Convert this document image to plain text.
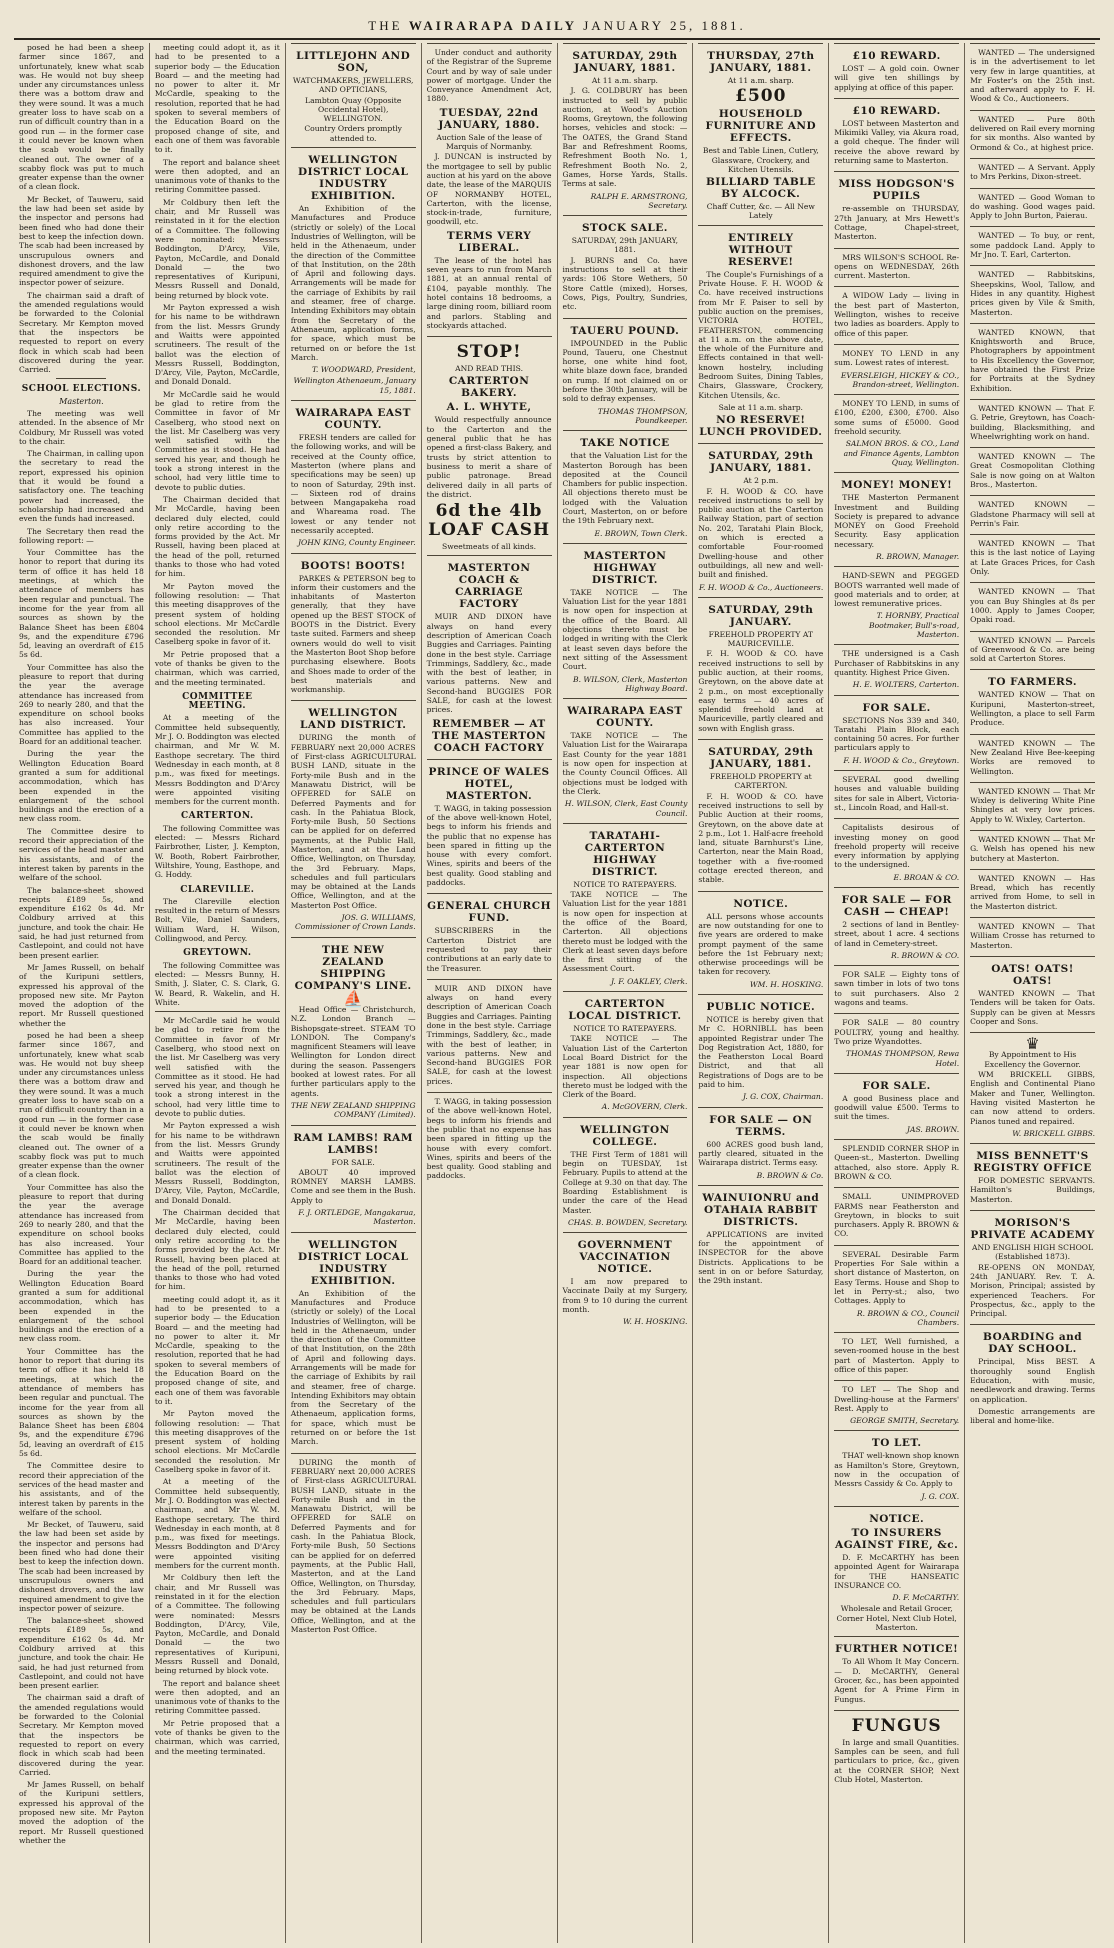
THE WAIRARAPA DAILY JANUARY 25, 1881.

posed he had been a sheep farmer since 1867, and unfortunately, knew what scab was. He would not buy sheep under any circumstances unless there was a bottom draw and they were sound. It was a much greater loss to have scab on a run of difficult country than in a good run — in the former case it could never be known when the scab would be finally cleaned out. The owner of a scabby flock was put to much greater expense than the owner of a clean flock.

Mr Becket, of Tauweru, said the law had been set aside by the inspector and persons had been fined who had done their best to keep the infection down. The scab had been increased by unscrupulous owners and dishonest drovers, and the law required amendment to give the inspector power of seizure.

The chairman said a draft of the amended regulations would be forwarded to the Colonial Secretary. Mr Kempton moved that the inspectors be requested to report on every flock in which scab had been discovered during the year. Carried.

SCHOOL ELECTIONS.
Masterton.

The meeting was well attended. In the absence of Mr Coldbury, Mr Russell was voted to the chair.

The Chairman, in calling upon the secretary to read the report, expressed his opinion that it would be found a satisfactory one. The teaching power had increased, the scholarship had increased and even the funds had increased.

The Secretary then read the following report: —

Your Committee has the honor to report that during its term of office it has held 18 meetings, at which the attendance of members has been regular and punctual. The income for the year from all sources as shown by the Balance Sheet has been £804 9s, and the expenditure £796 5d, leaving an overdraft of £15 5s 6d.

Your Committee has also the pleasure to report that during the year the average attendance has increased from 269 to nearly 280, and that the expenditure on school books has also increased. Your Committee has applied to the Board for an additional teacher.

During the year the Wellington Education Board granted a sum for additional accommodation, which has been expended in the enlargement of the school buildings and the erection of a new class room.

The Committee desire to record their appreciation of the services of the head master and his assistants, and of the interest taken by parents in the welfare of the school.

The balance-sheet showed receipts £189 5s, and expenditure £162 0s 4d. Mr Coldbury arrived at this juncture, and took the chair. He said, he had just returned from Castlepoint, and could not have been present earlier.

Mr James Russell, on behalf of the Kuripuni settlers, expressed his approval of the proposed new site. Mr Payton moved the adoption of the report. Mr Russell questioned whether the

posed he had been a sheep farmer since 1867, and unfortunately, knew what scab was. He would not buy sheep under any circumstances unless there was a bottom draw and they were sound. It was a much greater loss to have scab on a run of difficult country than in a good run — in the former case it could never be known when the scab would be finally cleaned out. The owner of a scabby flock was put to much greater expense than the owner of a clean flock.

Your Committee has also the pleasure to report that during the year the average attendance has increased from 269 to nearly 280, and that the expenditure on school books has also increased. Your Committee has applied to the Board for an additional teacher.

During the year the Wellington Education Board granted a sum for additional accommodation, which has been expended in the enlargement of the school buildings and the erection of a new class room.

Your Committee has the honor to report that during its term of office it has held 18 meetings, at which the attendance of members has been regular and punctual. The income for the year from all sources as shown by the Balance Sheet has been £804 9s, and the expenditure £796 5d, leaving an overdraft of £15 5s 6d.

The Committee desire to record their appreciation of the services of the head master and his assistants, and of the interest taken by parents in the welfare of the school.

Mr Becket, of Tauweru, said the law had been set aside by the inspector and persons had been fined who had done their best to keep the infection down. The scab had been increased by unscrupulous owners and dishonest drovers, and the law required amendment to give the inspector power of seizure.

The balance-sheet showed receipts £189 5s, and expenditure £162 0s 4d. Mr Coldbury arrived at this juncture, and took the chair. He said, he had just returned from Castlepoint, and could not have been present earlier.

The chairman said a draft of the amended regulations would be forwarded to the Colonial Secretary. Mr Kempton moved that the inspectors be requested to report on every flock in which scab had been discovered during the year. Carried.

Mr James Russell, on behalf of the Kuripuni settlers, expressed his approval of the proposed new site. Mr Payton moved the adoption of the report. Mr Russell questioned whether the

meeting could adopt it, as it had to be presented to a superior body — the Education Board — and the meeting had no power to alter it. Mr McCardle, speaking to the resolution, reported that he had spoken to several members of the Education Board on the proposed change of site, and each one of them was favorable to it.

The report and balance sheet were then adopted, and an unanimous vote of thanks to the retiring Committee passed.

Mr Coldbury then left the chair, and Mr Russell was reinstated in it for the election of a Committee. The following were nominated: Messrs Boddington, D'Arcy, Vile, Payton, McCardle, and Donald Donald — the two representatives of Kuripuni, Messrs Russell and Donald, being returned by block vote.

Mr Payton expressed a wish for his name to be withdrawn from the list. Messrs Grundy and Waitts were appointed scrutineers. The result of the ballot was the election of Messrs Russell, Boddington, D'Arcy, Vile, Payton, McCardle, and Donald Donald.

Mr McCardle said he would be glad to retire from the Committee in favor of Mr Caselberg, who stood next on the list. Mr Caselberg was very well satisfied with the Committee as it stood. He had served his year, and though he took a strong interest in the school, had very little time to devote to public duties.

The Chairman decided that Mr McCardle, having been declared duly elected, could only retire according to the forms provided by the Act. Mr Russell, having been placed at the head of the poll, returned thanks to those who had voted for him.

Mr Payton moved the following resolution: — That this meeting disapproves of the present system of holding school elections. Mr McCardle seconded the resolution. Mr Caselberg spoke in favor of it.

Mr Petrie proposed that a vote of thanks be given to the chairman, which was carried, and the meeting terminated.

COMMITTEE MEETING.

At a meeting of the Committee held subsequently, Mr J. O. Boddington was elected chairman, and Mr W. M. Easthope secretary. The third Wednesday in each month, at 8 p.m., was fixed for meetings. Messrs Boddington and D'Arcy were appointed visiting members for the current month.

CARTERTON.

The following Committee was elected: — Messrs Richard Fairbrother, Lister, J. Kempton, W. Booth, Robert Fairbrother, Wiltshire, Young, Easthope, and G. Hoddy.

CLAREVILLE.

The Clareville election resulted in the return of Messrs Bolt, Vile, Daniel Saunders, William Ward, H. Wilson, Collingwood, and Percy.

GREYTOWN.

The following Committee was elected: — Messrs Bunny, H. Smith, J. Slater, C. S. Clark, G. W. Beard, R. Wakelin, and H. White.

Mr McCardle said he would be glad to retire from the Committee in favor of Mr Caselberg, who stood next on the list. Mr Caselberg was very well satisfied with the Committee as it stood. He had served his year, and though he took a strong interest in the school, had very little time to devote to public duties.

Mr Payton expressed a wish for his name to be withdrawn from the list. Messrs Grundy and Waitts were appointed scrutineers. The result of the ballot was the election of Messrs Russell, Boddington, D'Arcy, Vile, Payton, McCardle, and Donald Donald.

The Chairman decided that Mr McCardle, having been declared duly elected, could only retire according to the forms provided by the Act. Mr Russell, having been placed at the head of the poll, returned thanks to those who had voted for him.

meeting could adopt it, as it had to be presented to a superior body — the Education Board — and the meeting had no power to alter it. Mr McCardle, speaking to the resolution, reported that he had spoken to several members of the Education Board on the proposed change of site, and each one of them was favorable to it.

Mr Payton moved the following resolution: — That this meeting disapproves of the present system of holding school elections. Mr McCardle seconded the resolution. Mr Caselberg spoke in favor of it.

At a meeting of the Committee held subsequently, Mr J. O. Boddington was elected chairman, and Mr W. M. Easthope secretary. The third Wednesday in each month, at 8 p.m., was fixed for meetings. Messrs Boddington and D'Arcy were appointed visiting members for the current month.

Mr Coldbury then left the chair, and Mr Russell was reinstated in it for the election of a Committee. The following were nominated: Messrs Boddington, D'Arcy, Vile, Payton, McCardle, and Donald Donald — the two representatives of Kuripuni, Messrs Russell and Donald, being returned by block vote.

The report and balance sheet were then adopted, and an unanimous vote of thanks to the retiring Committee passed.

Mr Petrie proposed that a vote of thanks be given to the chairman, which was carried, and the meeting terminated.

LITTLEJOHN AND SON,
WATCHMAKERS, JEWELLERS, AND OPTICIANS,
Lambton Quay (Opposite Occidental Hotel), WELLINGTON.
Country Orders promptly attended to.
WELLINGTON DISTRICT LOCAL INDUSTRY EXHIBITION.

An Exhibition of the Manufactures and Produce (strictly or solely) of the Local Industries of Wellington, will be held in the Athenaeum, under the direction of the Committee of that Institution, on the 28th of April and following days. Arrangements will be made for the carriage of Exhibits by rail and steamer, free of charge. Intending Exhibitors may obtain from the Secretary of the Athenaeum, application forms, for space, which must be returned on or before the 1st March.

T. WOODWARD, President,
Wellington Athenaeum, January 15, 1881.
WAIRARAPA EAST COUNTY.

FRESH tenders are called for the following works, and will be received at the County office, Masterton (where plans and specifications may be seen) up to noon of Saturday, 29th inst. — Sixteen rod of drains between Mangapakeha road and Whareama road. The lowest or any tender not necessarily accepted.

JOHN KING, County Engineer.
BOOTS! BOOTS!

PARKES & PETERSON beg to inform their customers and the inhabitants of Masterton generally, that they have opened up the BEST STOCK of BOOTS in the District. Every taste suited. Farmers and sheep owners would do well to visit the Masterton Boot Shop before purchasing elsewhere. Boots and Shoes made to order of the best materials and workmanship.

WELLINGTON LAND DISTRICT.

DURING the month of FEBRUARY next 20,000 ACRES of First-class AGRICULTURAL BUSH LAND, situate in the Forty-mile Bush and in the Manawatu District, will be OFFERED for SALE on Deferred Payments and for cash. In the Pahiatua Block, Forty-mile Bush, 50 Sections can be applied for on deferred payments, at the Public Hall, Masterton, and at the Land Office, Wellington, on Thursday, the 3rd February. Maps, schedules and full particulars may be obtained at the Lands Office, Wellington, and at the Masterton Post Office.

JOS. G. WILLIAMS, Commissioner of Crown Lands.
THE NEW ZEALAND SHIPPING COMPANY'S LINE.
⛵

Head Office — Christchurch, N.Z. London Branch — Bishopsgate-street. STEAM TO LONDON. The Company's magnificent Steamers will leave Wellington for London direct during the season. Passengers booked at lowest rates. For all further particulars apply to the agents.

THE NEW ZEALAND SHIPPING COMPANY (Limited).
RAM LAMBS! RAM LAMBS!
FOR SALE.

ABOUT 40 improved ROMNEY MARSH LAMBS. Come and see them in the Bush. Apply to

F. J. ORTLEDGE, Mangakarua, Masterton.
WELLINGTON DISTRICT LOCAL INDUSTRY EXHIBITION.

An Exhibition of the Manufactures and Produce (strictly or solely) of the Local Industries of Wellington, will be held in the Athenaeum, under the direction of the Committee of that Institution, on the 28th of April and following days. Arrangements will be made for the carriage of Exhibits by rail and steamer, free of charge. Intending Exhibitors may obtain from the Secretary of the Athenaeum, application forms, for space, which must be returned on or before the 1st March.

DURING the month of FEBRUARY next 20,000 ACRES of First-class AGRICULTURAL BUSH LAND, situate in the Forty-mile Bush and in the Manawatu District, will be OFFERED for SALE on Deferred Payments and for cash. In the Pahiatua Block, Forty-mile Bush, 50 Sections can be applied for on deferred payments, at the Public Hall, Masterton, and at the Land Office, Wellington, on Thursday, the 3rd February. Maps, schedules and full particulars may be obtained at the Lands Office, Wellington, and at the Masterton Post Office.

Under conduct and authority of the Registrar of the Supreme Court and by way of sale under power of mortgage. Under the Conveyance Amendment Act, 1880.

TUESDAY, 22nd JANUARY, 1880.
Auction Sale of the lease of Marquis of Normanby.

J. DUNCAN is instructed by the mortgagee to sell by public auction at his yard on the above date, the lease of the MARQUIS OF NORMANBY HOTEL, Carterton, with the license, stock-in-trade, furniture, goodwill, etc.

TERMS VERY LIBERAL.

The lease of the hotel has seven years to run from March 1881, at an annual rental of £104, payable monthly. The hotel contains 18 bedrooms, a large dining room, billiard room and parlors. Stabling and stockyards attached.

STOP!
AND READ THIS.
CARTERTON BAKERY.
A. L. WHYTE,

Would respectfully announce to the Carterton and the general public that he has opened a first-class Bakery, and trusts by strict attention to business to merit a share of public patronage. Bread delivered daily in all parts of the district.

6d the 4lb LOAF CASH
Sweetmeats of all kinds.
MASTERTON COACH & CARRIAGE FACTORY

MUIR AND DIXON have always on hand every description of American Coach Buggies and Carriages. Painting done in the best style. Carriage Trimmings, Saddlery, &c., made with the best of leather, in various patterns. New and Second-hand BUGGIES FOR SALE, for cash at the lowest prices.

REMEMBER — AT THE MASTERTON COACH FACTORY
PRINCE OF WALES HOTEL, MASTERTON.

T. WAGG, in taking possession of the above well-known Hotel, begs to inform his friends and the public that no expense has been spared in fitting up the house with every comfort. Wines, spirits and beers of the best quality. Good stabling and paddocks.

GENERAL CHURCH FUND.

SUBSCRIBERS in the Carterton District are requested to pay their contributions at an early date to the Treasurer.

MUIR AND DIXON have always on hand every description of American Coach Buggies and Carriages. Painting done in the best style. Carriage Trimmings, Saddlery, &c., made with the best of leather, in various patterns. New and Second-hand BUGGIES FOR SALE, for cash at the lowest prices.

T. WAGG, in taking possession of the above well-known Hotel, begs to inform his friends and the public that no expense has been spared in fitting up the house with every comfort. Wines, spirits and beers of the best quality. Good stabling and paddocks.

SATURDAY, 29th JANUARY, 1881.
At 11 a.m. sharp.

J. G. COLDBURY has been instructed to sell by public auction, at Wood's Auction Rooms, Greytown, the following horses, vehicles and stock: — The OATES, the Grand Stand Bar and Refreshment Rooms, Refreshment Booth No. 1, Refreshment Booth No. 2, Games, Horse Yards, Stalls. Terms at sale.

RALPH E. ARMSTRONG, Secretary.
STOCK SALE.
SATURDAY, 29th JANUARY, 1881.

J. BURNS and Co. have instructions to sell at their yards: 106 Store Wethers, 50 Store Cattle (mixed), Horses, Cows, Pigs, Poultry, Sundries, etc.

TAUERU POUND.

IMPOUNDED in the Public Pound, Taueru, one Chestnut horse, one white hind foot, white blaze down face, branded on rump. If not claimed on or before the 30th January, will be sold to defray expenses.

THOMAS THOMPSON, Poundkeeper.
TAKE NOTICE

that the Valuation List for the Masterton Borough has been deposited at the Council Chambers for public inspection. All objections thereto must be lodged with the Valuation Court, Masterton, on or before the 19th February next.

E. BROWN, Town Clerk.
MASTERTON HIGHWAY DISTRICT.

TAKE NOTICE — The Valuation List for the year 1881 is now open for inspection at the office of the Board. All objections thereto must be lodged in writing with the Clerk at least seven days before the next sitting of the Assessment Court.

B. WILSON, Clerk, Masterton Highway Board.
WAIRARAPA EAST COUNTY.

TAKE NOTICE — The Valuation List for the Wairarapa East County for the year 1881 is now open for inspection at the County Council Offices. All objections must be lodged with the Clerk.

H. WILSON, Clerk, East County Council.
TARATAHI-CARTERTON HIGHWAY DISTRICT.
NOTICE TO RATEPAYERS.

TAKE NOTICE — The Valuation List for the year 1881 is now open for inspection at the office of the Board, Carterton. All objections thereto must be lodged with the Clerk at least seven days before the first sitting of the Assessment Court.

J. F. OAKLEY, Clerk.
CARTERTON LOCAL DISTRICT.
NOTICE TO RATEPAYERS.

TAKE NOTICE — The Valuation List of the Carterton Local Board District for the year 1881 is now open for inspection. All objections thereto must be lodged with the Clerk of the Board.

A. McGOVERN, Clerk.
WELLINGTON COLLEGE.

THE First Term of 1881 will begin on TUESDAY, 1st February. Pupils to attend at the College at 9.30 on that day. The Boarding Establishment is under the care of the Head Master.

CHAS. B. BOWDEN, Secretary.
GOVERNMENT VACCINATION NOTICE.

I am now prepared to Vaccinate Daily at my Surgery, from 9 to 10 during the current month.

W. H. HOSKING.
THURSDAY, 27th JANUARY, 1881.
At 11 a.m. sharp.
£500
HOUSEHOLD FURNITURE AND EFFECTS.
Best and Table Linen, Cutlery, Glassware, Crockery, and Kitchen Utensils.
BILLIARD TABLE BY ALCOCK.
Chaff Cutter, &c. — All New Lately
ENTIRELY WITHOUT RESERVE!

The Couple's Furnishings of a Private House. F. H. WOOD & Co. have received instructions from Mr F. Paiser to sell by public auction on the premises, VICTORIA HOTEL, FEATHERSTON, commencing at 11 a.m. on the above date, the whole of the Furniture and Effects contained in that well-known hostelry, including Bedroom Suites, Dining Tables, Chairs, Glassware, Crockery, Kitchen Utensils, &c.

Sale at 11 a.m. sharp.
NO RESERVE! LUNCH PROVIDED.
SATURDAY, 29th JANUARY, 1881.
At 2 p.m.

F. H. WOOD & CO. have received instructions to sell by public auction at the Carterton Railway Station, part of section No. 202, Taratahi Plain Block, on which is erected a comfortable Four-roomed Dwelling-house and other outbuildings, all new and well-built and finished.

F. H. WOOD & Co., Auctioneers.
SATURDAY, 29th JANUARY.
FREEHOLD PROPERTY AT MAURICEVILLE.

F. H. WOOD & CO. have received instructions to sell by public auction, at their rooms, Greytown, on the above date at 2 p.m., on most exceptionally easy terms — 40 acres of splendid freehold land at Mauriceville, partly cleared and sown with English grass.

SATURDAY, 29th JANUARY, 1881.
FREEHOLD PROPERTY at CARTERTON.

F. H. WOOD & CO. have received instructions to sell by Public Auction at their rooms, Greytown, on the above date at 2 p.m., Lot 1. Half-acre freehold land, situate Barnhurst's Line, Carterton, near the Main Road, together with a five-roomed cottage erected thereon, and stable.

NOTICE.

ALL persons whose accounts are now outstanding for one to five years are ordered to make prompt payment of the same before the 1st February next; otherwise proceedings will be taken for recovery.

WM. H. HOSKING.
PUBLIC NOTICE.

NOTICE is hereby given that Mr C. HORNIBLL has been appointed Registrar under The Dog Registration Act, 1880, for the Featherston Local Board District, and that all Registrations of Dogs are to be paid to him.

J. G. COX, Chairman.
FOR SALE — ON TERMS.

600 ACRES good bush land, partly cleared, situated in the Wairarapa district. Terms easy.

B. BROWN & Co.
WAINUIONRU and OTAHAIA RABBIT DISTRICTS.

APPLICATIONS are invited for the appointment of INSPECTOR for the above Districts. Applications to be sent in on or before Saturday, the 29th instant.

£10 REWARD.

LOST — A gold coin. Owner will give ten shillings by applying at office of this paper.

£10 REWARD.

LOST between Masterton and Mikimiki Valley, via Akura road, a gold cheque. The finder will receive the above reward by returning same to Masterton.

MISS HODGSON'S PUPILS

re-assemble on THURSDAY, 27th January, at Mrs Hewett's Cottage, Chapel-street, Masterton.

MRS WILSON'S SCHOOL Re-opens on WEDNESDAY, 26th current. Masterton.

A WIDOW Lady — living in the best part of Masterton, Wellington, wishes to receive two ladies as boarders. Apply to office of this paper.

MONEY TO LEND in any sum. Lowest rates of interest.

EVERSLEIGH, HICKEY & CO., Brandon-street, Wellington.

MONEY TO LEND, in sums of £100, £200, £300, £700. Also some sums of £5000. Good freehold security.

SALMON BROS. & CO., Land and Finance Agents, Lambton Quay, Wellington.
MONEY! MONEY!

THE Masterton Permanent Investment and Building Society is prepared to advance MONEY on Good Freehold Security. Easy application necessary.

R. BROWN, Manager.

HAND-SEWN and PEGGED BOOTS warranted well made of good materials and to order, at lowest remunerative prices.

T. HORNBY, Practical Bootmaker, Bull's-road, Masterton.

THE undersigned is a Cash Purchaser of Rabbitskins in any quantity. Highest Price Given.

H. E. WOLTERS, Carterton.
FOR SALE.

SECTIONS Nos 339 and 340, Taratahi Plain Block, each containing 50 acres. For further particulars apply to

F. H. WOOD & Co., Greytown.

SEVERAL good dwelling houses and valuable building sites for sale in Albert, Victoria-st., Lincoln Road, and Hall-st.

Capitalists desirous of investing money on good freehold property will receive every information by applying to the undersigned.

E. BROAN & CO.
FOR SALE — FOR CASH — CHEAP!

2 sections of land in Bentley-street, about 1 acre. 4 sections of land in Cemetery-street.

R. BROWN & CO.

FOR SALE — Eighty tons of sawn timber in lots of two tons to suit purchasers. Also 2 wagons and teams.

FOR SALE — 80 country POULTRY, young and healthy. Two prize Wyandottes.

THOMAS THOMPSON, Rewa Hotel.
FOR SALE.

A good Business place and goodwill value £500. Terms to suit the times.

JAS. BROWN.

SPLENDID CORNER SHOP in Queen-st., Masterton. Dwelling attached, also store. Apply R. BROWN & CO.

SMALL UNIMPROVED FARMS near Featherston and Greytown, in blocks to suit purchasers. Apply R. BROWN & CO.

SEVERAL Desirable Farm Properties For Sale within a short distance of Masterton, on Easy Terms. House and Shop to let in Perry-st.; also, two Cottages. Apply to

R. BROWN & CO., Council Chambers.

TO LET, Well furnished, a seven-roomed house in the best part of Masterton. Apply to office of this paper.

TO LET — The Shop and Dwelling-house at the Farmers' Rest. Apply to

GEORGE SMITH, Secretary.
TO LET.

THAT well-known shop known as Hamilton's Store, Greytown, now in the occupation of Messrs Cassidy & Co. Apply to

J. G. COX.
NOTICE.
TO INSURERS AGAINST FIRE, &c.

D. F. McCARTHY has been appointed Agent for Wairarapa for THE HANSEATIC INSURANCE CO.

D. F. McCARTHY.
Wholesale and Retail Grocer, Corner Hotel, Next Club Hotel, Masterton.
FURTHER NOTICE!

To All Whom It May Concern. — D. McCARTHY, General Grocer, &c., has been appointed Agent for A Prime Firm in Fungus.

FUNGUS

In large and small Quantities. Samples can be seen, and full particulars to price, &c., given at the CORNER SHOP, Next Club Hotel, Masterton.

WANTED — The undersigned is in the advertisement to let very few in large quantities, at Mr Foster's on the 25th inst. and afterward apply to F. H. Wood & Co., Auctioneers.

WANTED — Pure 80th delivered on Rail every morning for six months. Also wanted by Ormond & Co., at highest price.

WANTED — A Servant. Apply to Mrs Perkins, Dixon-street.

WANTED — Good Woman to do washing. Good wages paid. Apply to John Burton, Paierau.

WANTED — To buy, or rent, some paddock Land. Apply to Mr Jno. T. Earl, Carterton.

WANTED — Rabbitskins, Sheepskins, Wool, Tallow, and Hides in any quantity. Highest prices given by Vile & Smith, Masterton.

WANTED KNOWN, that Knightsworth and Bruce, Photographers by appointment to His Excellency the Governor, have obtained the First Prize for Portraits at the Sydney Exhibition.

WANTED KNOWN — That F. G. Petrie, Greytown, has Coach-building, Blacksmithing, and Wheelwrighting work on hand.

WANTED KNOWN — The Great Cosmopolitan Clothing Sale is now going on at Walton Bros., Masterton.

WANTED KNOWN — Gladstone Pharmacy will sell at Perrin's Fair.

WANTED KNOWN — That this is the last notice of Laying at Late Graces Prices, for Cash Only.

WANTED KNOWN — That you can Buy Shingles at 8s per 1000. Apply to James Cooper, Opaki road.

WANTED KNOWN — Parcels of Greenwood & Co. are being sold at Carterton Stores.

TO FARMERS.

WANTED KNOW — That on Kuripuni, Masterton-street, Wellington, a place to sell Farm Produce.

WANTED KNOWN — The New Zealand Hive Bee-keeping Works are removed to Wellington.

WANTED KNOWN — That Mr Wixley is delivering White Pine Shingles at very low prices. Apply to W. Wixley, Carterton.

WANTED KNOWN — That Mr G. Welsh has opened his new butchery at Masterton.

WANTED KNOWN — Has Bread, which has recently arrived from Home, to sell in the Masterton district.

WANTED KNOWN — That William Crosse has returned to Masterton.

OATS! OATS! OATS!

WANTED KNOWN — That Tenders will be taken for Oats. Supply can be given at Messrs Cooper and Sons.

♛
By Appointment to His Excellency the Governor.

WM BRICKELL GIBBS, English and Continental Piano Maker and Tuner, Wellington. Having visited Masterton he can now attend to orders. Pianos tuned and repaired.

W. BRICKELL GIBBS.
MISS BENNETT'S REGISTRY OFFICE

FOR DOMESTIC SERVANTS. Hamilton's Buildings, Masterton.

MORISON'S PRIVATE ACADEMY
AND ENGLISH HIGH SCHOOL (Established 1873).

RE-OPENS ON MONDAY, 24th JANUARY. Rev. T. A. Morison, Principal; assisted by experienced Teachers. For Prospectus, &c., apply to the Principal.

BOARDING and DAY SCHOOL.

Principal, Miss BEST. A thoroughly sound English Education, with music, needlework and drawing. Terms on application.

Domestic arrangements are liberal and home-like.
